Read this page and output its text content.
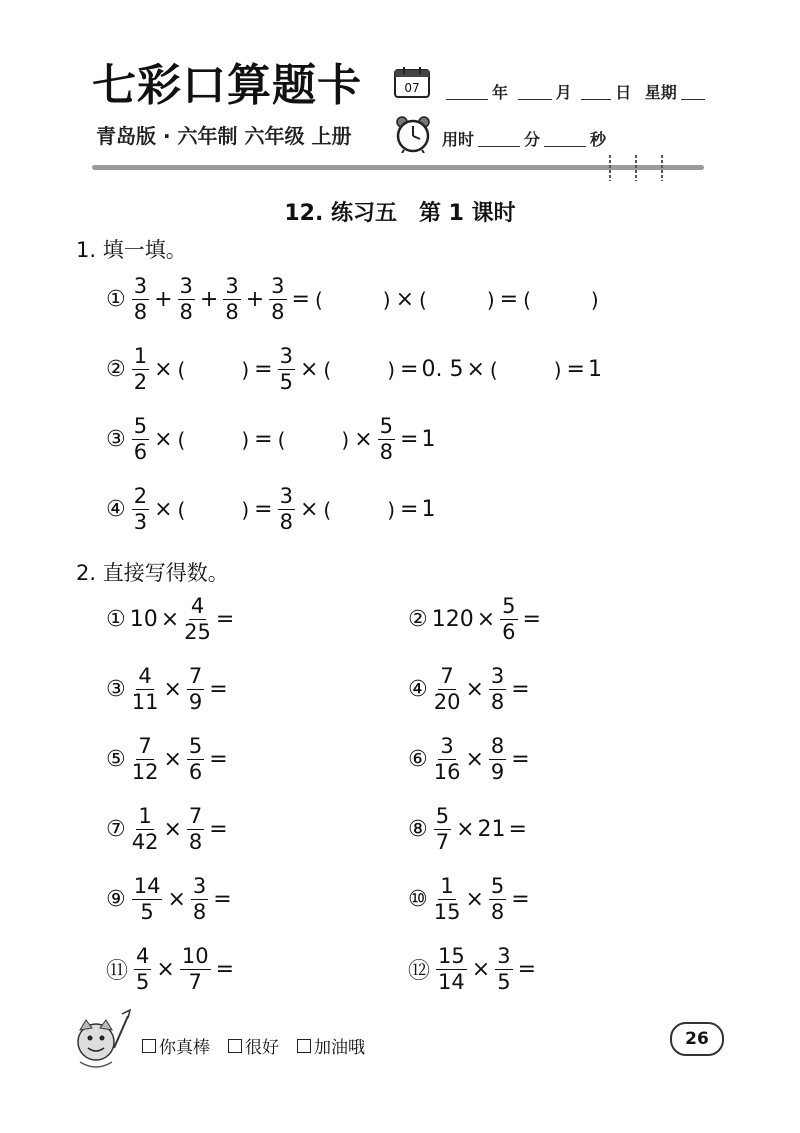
七彩口算题卡
青岛版 · 六年制 六年级 上册
07	年	月	日 星期
用时	分	秒
12. 练习五　第 1 课时
1. 填一填。
① $\frac{3}{8} + \frac{3}{8} + \frac{3}{8} + \frac{3}{8}$ = (	) × (	) = (	)
② $\frac{1}{2}$ × (	) = $\frac{3}{5}$ × (	) = 0. 5 × (	) = 1
③ $\frac{5}{6}$ × (	) = (	) × $\frac{5}{8} = 1$
④ $\frac{2}{3}$ × (	) = $\frac{3}{8}$ × (	) = 1
2. 直接写得数。
① $10 \times \frac{4}{25}$ =	② $120 \times \frac{5}{6}$ =
③ $\frac{4}{11} \times \frac{7}{9}$ =	④ $\frac{7}{20} \times \frac{3}{8}$ =
⑤ $\frac{7}{12} \times \frac{5}{6}$ =	⑥ $\frac{3}{16} \times \frac{8}{9}$ =
⑦ $\frac{1}{42} \times \frac{7}{8}$ =	⑧ $\frac{5}{7} \times 21$ =
⑨ $\frac{14}{5} \times \frac{3}{8}$ =	⑩ $\frac{1}{15} \times \frac{5}{8}$ =
⑪ $\frac{4}{5} \times \frac{10}{7}$ =	⑫ $\frac{15}{14} \times \frac{3}{5}$ =
你真棒 很好 加油哦	26
